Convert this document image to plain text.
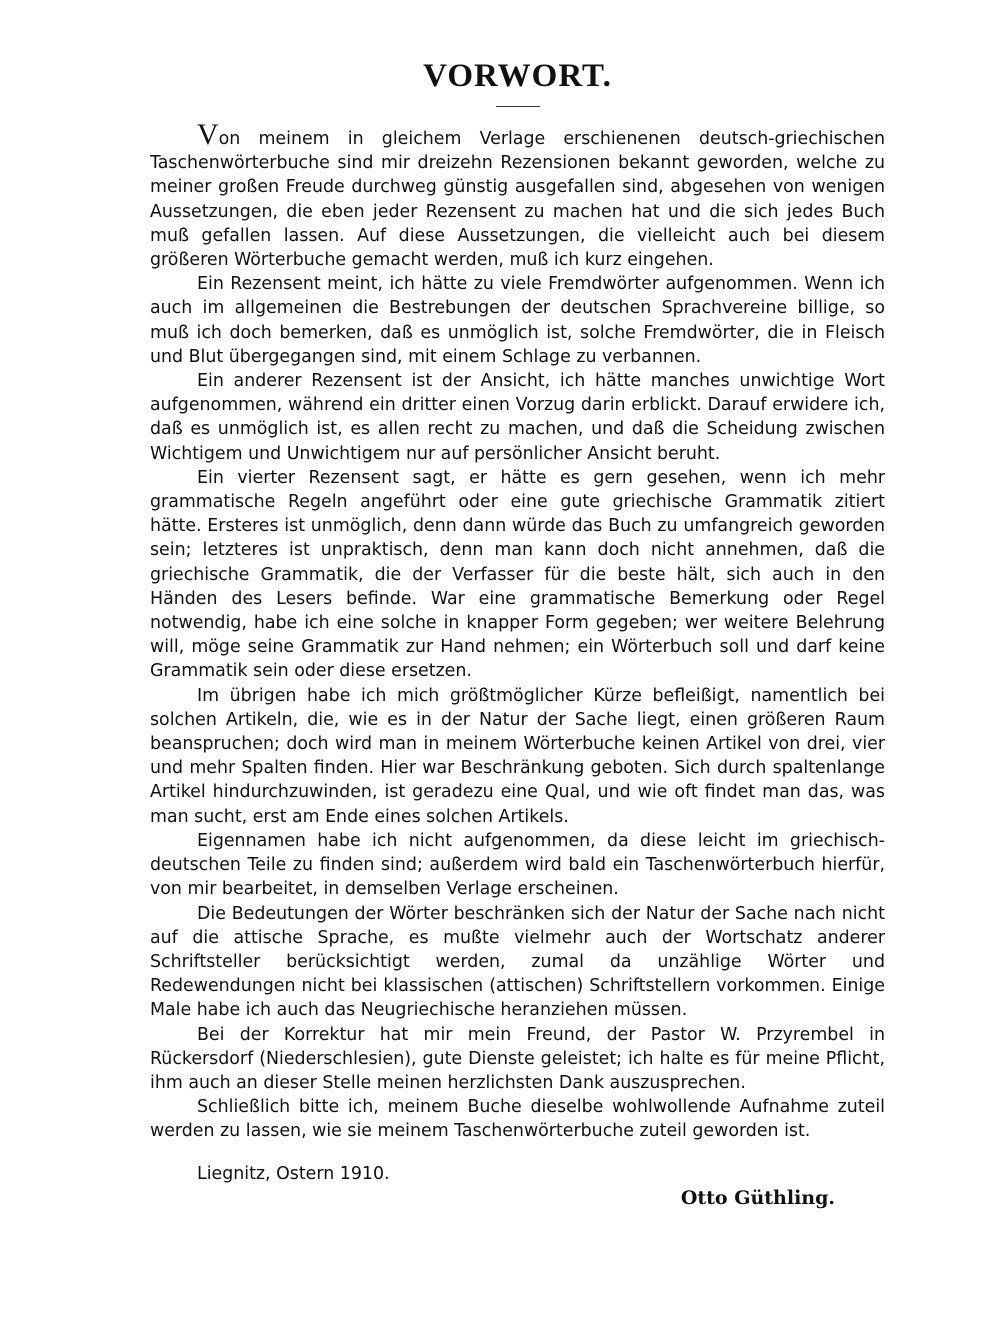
VORWORT.

Von meinem in gleichem Verlage erschienenen deutsch-griechischen Taschenwörterbuche sind mir dreizehn Rezensionen bekannt geworden, welche zu meiner großen Freude durchweg günstig ausgefallen sind, abgesehen von wenigen Aussetzungen, die eben jeder Rezensent zu machen hat und die sich jedes Buch muß gefallen lassen. Auf diese Aussetzungen, die vielleicht auch bei diesem größeren Wörterbuche gemacht werden, muß ich kurz eingehen.

Ein Rezensent meint, ich hätte zu viele Fremdwörter aufgenommen. Wenn ich auch im allgemeinen die Bestrebungen der deutschen Sprachvereine billige, so muß ich doch bemerken, daß es unmöglich ist, solche Fremdwörter, die in Fleisch und Blut übergegangen sind, mit einem Schlage zu verbannen.

Ein anderer Rezensent ist der Ansicht, ich hätte manches unwichtige Wort aufgenommen, während ein dritter einen Vorzug darin erblickt. Darauf erwidere ich, daß es unmöglich ist, es allen recht zu machen, und daß die Scheidung zwischen Wichtigem und Unwichtigem nur auf persönlicher Ansicht beruht.

Ein vierter Rezensent sagt, er hätte es gern gesehen, wenn ich mehr grammatische Regeln angeführt oder eine gute griechische Grammatik zitiert hätte. Ersteres ist unmöglich, denn dann würde das Buch zu umfangreich geworden sein; letzteres ist unpraktisch, denn man kann doch nicht annehmen, daß die griechische Grammatik, die der Verfasser für die beste hält, sich auch in den Händen des Lesers befinde. War eine grammatische Bemerkung oder Regel notwendig, habe ich eine solche in knapper Form gegeben; wer weitere Belehrung will, möge seine Grammatik zur Hand nehmen; ein Wörterbuch soll und darf keine Grammatik sein oder diese ersetzen.

Im übrigen habe ich mich größtmöglicher Kürze befleißigt, namentlich bei solchen Artikeln, die, wie es in der Natur der Sache liegt, einen größeren Raum beanspruchen; doch wird man in meinem Wörterbuche keinen Artikel von drei, vier und mehr Spalten finden. Hier war Beschränkung geboten. Sich durch spaltenlange Artikel hindurchzuwinden, ist geradezu eine Qual, und wie oft findet man das, was man sucht, erst am Ende eines solchen Artikels.

Eigennamen habe ich nicht aufgenommen, da diese leicht im griechisch-deutschen Teile zu finden sind; außerdem wird bald ein Taschenwörterbuch hierfür, von mir bearbeitet, in demselben Verlage erscheinen.

Die Bedeutungen der Wörter beschränken sich der Natur der Sache nach nicht auf die attische Sprache, es mußte vielmehr auch der Wortschatz anderer Schriftsteller berücksichtigt werden, zumal da unzählige Wörter und Redewendungen nicht bei klassischen (attischen) Schriftstellern vorkommen. Einige Male habe ich auch das Neugriechische heranziehen müssen.

Bei der Korrektur hat mir mein Freund, der Pastor W. Przyrembel in Rückersdorf (Niederschlesien), gute Dienste geleistet; ich halte es für meine Pflicht, ihm auch an dieser Stelle meinen herzlichsten Dank auszusprechen.

Schließlich bitte ich, meinem Buche dieselbe wohlwollende Aufnahme zuteil werden zu lassen, wie sie meinem Taschenwörterbuche zuteil geworden ist.

Liegnitz, Ostern 1910.
Otto Güthling.
